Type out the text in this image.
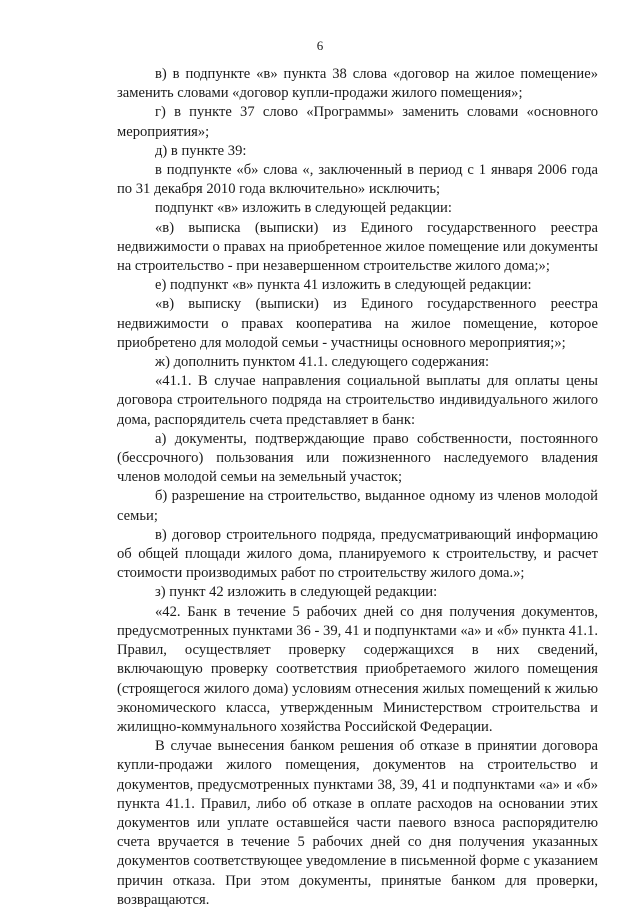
6

в) в подпункте «в» пункта 38 слова «договор на жилое помещение» заменить словами «договор купли-продажи жилого помещения»;

г) в пункте 37 слово «Программы» заменить словами «основного мероприятия»;

д) в пункте 39:

в подпункте «б» слова «, заключенный в период с 1 января 2006 года по 31 декабря 2010 года включительно» исключить;

подпункт «в» изложить в следующей редакции:

«в) выписка (выписки) из Единого государственного реестра недвижимости о правах на приобретенное жилое помещение или документы на строительство - при незавершенном строительстве жилого дома;»;

е) подпункт «в» пункта 41 изложить в следующей редакции:

«в) выписку (выписки) из Единого государственного реестра недвижимости о правах кооператива на жилое помещение, которое приобретено для молодой семьи - участницы основного мероприятия;»;

ж) дополнить пунктом 41.1. следующего содержания:

«41.1. В случае направления социальной выплаты для оплаты цены договора строительного подряда на строительство индивидуального жилого дома, распорядитель счета представляет в банк:

а) документы, подтверждающие право собственности, постоянного (бессрочного) пользования или пожизненного наследуемого владения членов молодой семьи на земельный участок;

б) разрешение на строительство, выданное одному из членов молодой семьи;

в) договор строительного подряда, предусматривающий информацию об общей площади жилого дома, планируемого к строительству, и расчет стоимости производимых работ по строительству жилого дома.»;

з) пункт 42 изложить в следующей редакции:

«42. Банк в течение 5 рабочих дней со дня получения документов, предусмотренных пунктами 36 - 39, 41 и подпунктами «а» и «б» пункта 41.1. Правил, осуществляет проверку содержащихся в них сведений, включающую проверку соответствия приобретаемого жилого помещения (строящегося жилого дома) условиям отнесения жилых помещений к жилью экономического класса, утвержденным Министерством строительства и жилищно-коммунального хозяйства Российской Федерации.

В случае вынесения банком решения об отказе в принятии договора купли-продажи жилого помещения, документов на строительство и документов, предусмотренных пунктами 38, 39, 41 и подпунктами «а» и «б» пункта 41.1. Правил, либо об отказе в оплате расходов на основании этих документов или уплате оставшейся части паевого взноса распорядителю счета вручается в течение 5 рабочих дней со дня получения указанных документов соответствующее уведомление в письменной форме с указанием причин отказа. При этом документы, принятые банком для проверки, возвращаются.
